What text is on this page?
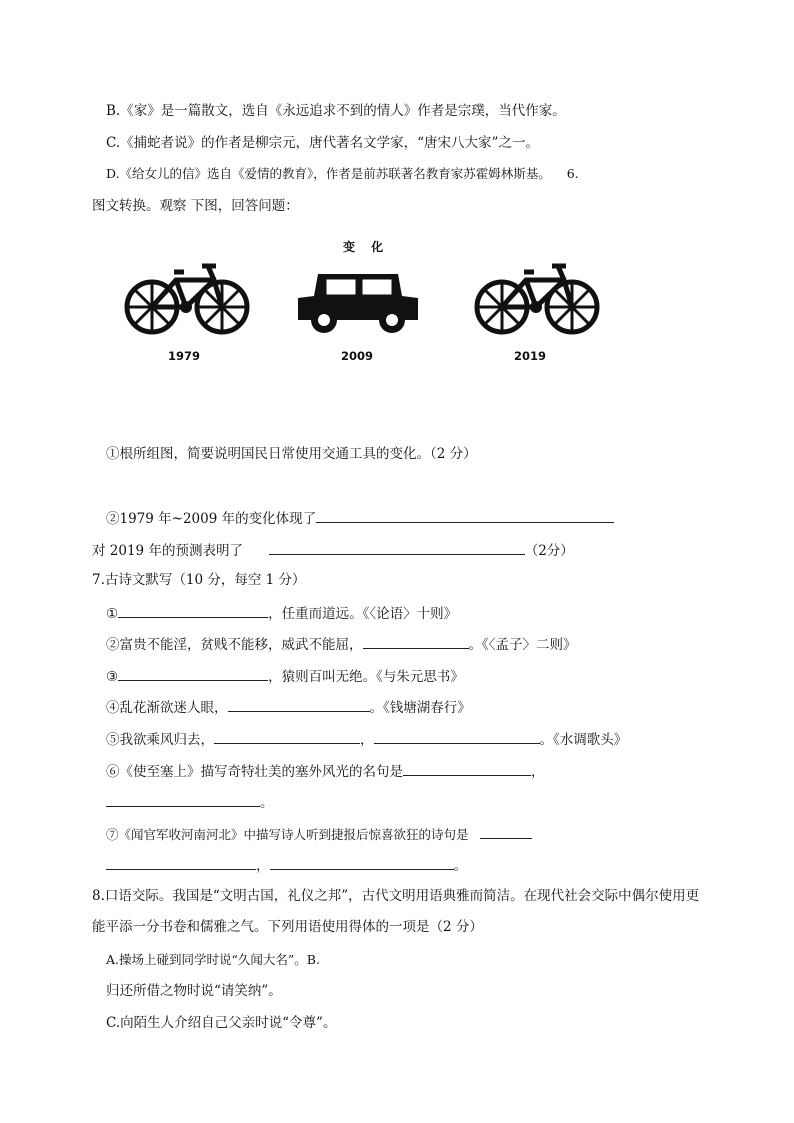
B.《家》是一篇散文，选自《永远追求不到的情人》作者是宗璞，当代作家。
C.《捕蛇者说》的作者是柳宗元，唐代著名文学家，“唐宋八大家”之一。
D.《给女儿的信》选自《爱情的教育》，作者是前苏联著名教育家苏霍姆林斯基。 6.
图文转换。观察 下图，回答问题：
变 化
1979	2009	2019
①根所组图，简要说明国民日常使用交通工具的变化。（2 分）
②1979 年~2009 年的变化体现了
对 2019 年的预测表明了	（2分）
7.古诗文默写（10 分，每空 1 分）
①	，任重而道远。《〈论语〉十则》
②富贵不能淫，贫贱不能移，威武不能屈，	。《〈孟子〉二则》
③	，猿则百叫无绝。《与朱元思书》
④乱花渐欲迷人眼，	。《钱塘湖春行》
⑤我欲乘风归去，	，	。《水调歌头》
⑥《使至塞上》描写奇特壮美的塞外风光的名句是	，
。
⑦《闻官军收河南河北》中描写诗人听到捷报后惊喜欲狂的诗句是
，	。
8.口语交际。我国是“文明古国，礼仪之邦”，古代文明用语典雅而简洁。在现代社会交际中偶尔使用更
能平添一分书卷和儒雅之气。下列用语使用得体的一项是（2 分）
A.操场上碰到同学时说“久闻大名”。B.
归还所借之物时说“请笑纳”。
C.向陌生人介绍自己父亲时说“令尊”。
